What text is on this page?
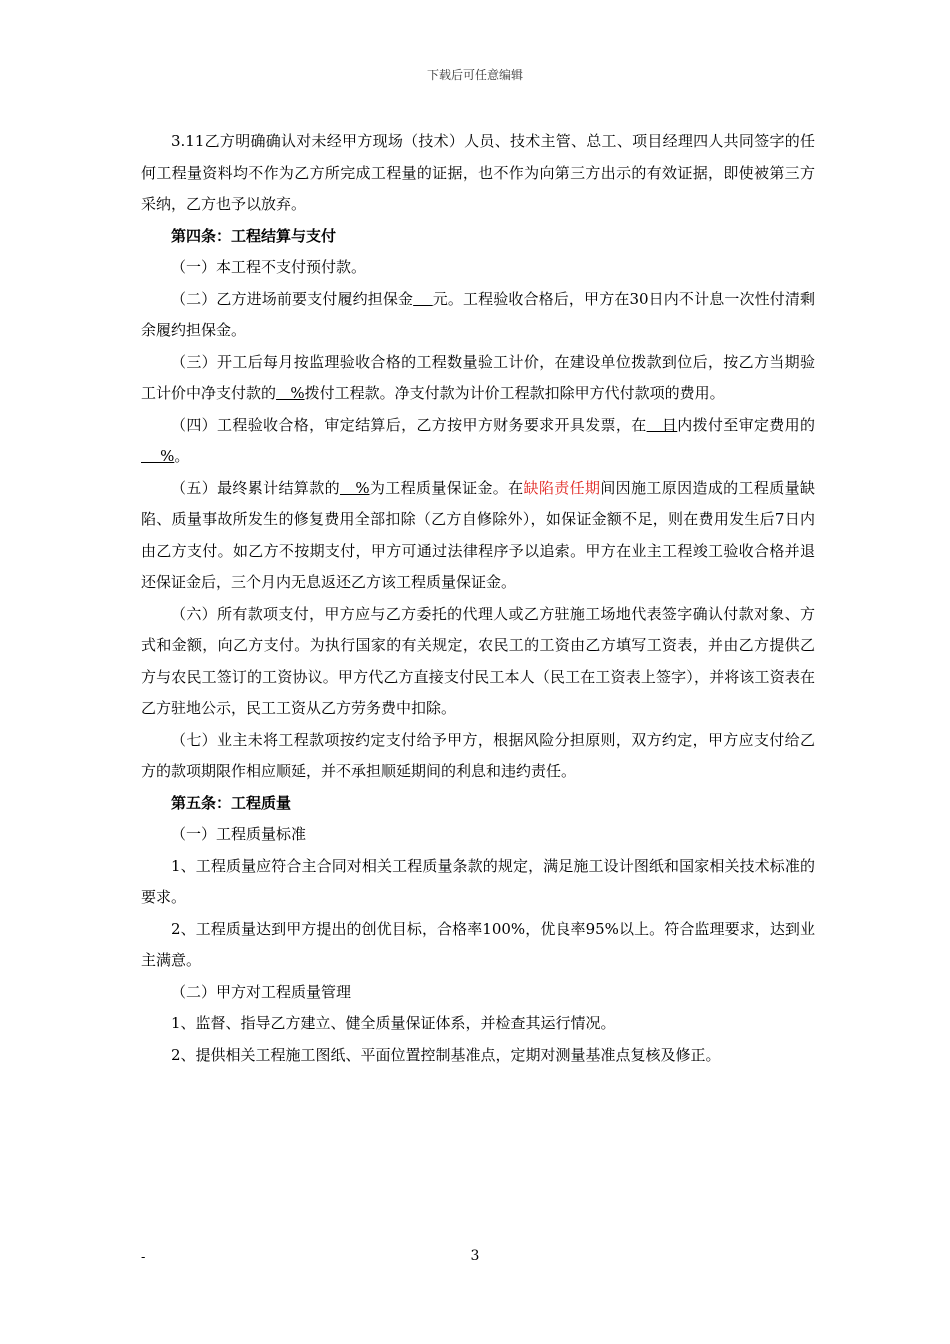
下载后可任意编辑

3.11乙方明确确认对未经甲方现场（技术）人员、技术主管、总工、项目经理四人共同签字的任何工程量资料均不作为乙方所完成工程量的证据，也不作为向第三方出示的有效证据，即使被第三方采纳，乙方也予以放弃。

第四条：工程结算与支付

（一）本工程不支付预付款。

（二）乙方进场前要支付履约担保金 元。工程验收合格后，甲方在30日内不计息一次性付清剩余履约担保金。

（三）开工后每月按监理验收合格的工程数量验工计价，在建设单位拨款到位后，按乙方当期验工计价中净支付款的   %拨付工程款。净支付款为计价工程款扣除甲方代付款项的费用。

（四）工程验收合格，审定结算后，乙方按甲方财务要求开具发票，在   日内拨付至审定费用的    %。

（五）最终累计结算款的   %为工程质量保证金。在缺陷责任期间因施工原因造成的工程质量缺陷、质量事故所发生的修复费用全部扣除（乙方自修除外），如保证金额不足，则在费用发生后7日内由乙方支付。如乙方不按期支付，甲方可通过法律程序予以追索。甲方在业主工程竣工验收合格并退还保证金后，三个月内无息返还乙方该工程质量保证金。

（六）所有款项支付，甲方应与乙方委托的代理人或乙方驻施工场地代表签字确认付款对象、方式和金额，向乙方支付。为执行国家的有关规定，农民工的工资由乙方填写工资表，并由乙方提供乙方与农民工签订的工资协议。甲方代乙方直接支付民工本人（民工在工资表上签字），并将该工资表在乙方驻地公示，民工工资从乙方劳务费中扣除。

（七）业主未将工程款项按约定支付给予甲方，根据风险分担原则，双方约定，甲方应支付给乙方的款项期限作相应顺延，并不承担顺延期间的利息和违约责任。

第五条：工程质量

（一）工程质量标准

1、工程质量应符合主合同对相关工程质量条款的规定，满足施工设计图纸和国家相关技术标准的要求。

2、工程质量达到甲方提出的创优目标，合格率100%，优良率95%以上。符合监理要求，达到业主满意。

（二）甲方对工程质量管理

1、监督、指导乙方建立、健全质量保证体系，并检查其运行情况。

2、提供相关工程施工图纸、平面位置控制基准点，定期对测量基准点复核及修正。

-	3
